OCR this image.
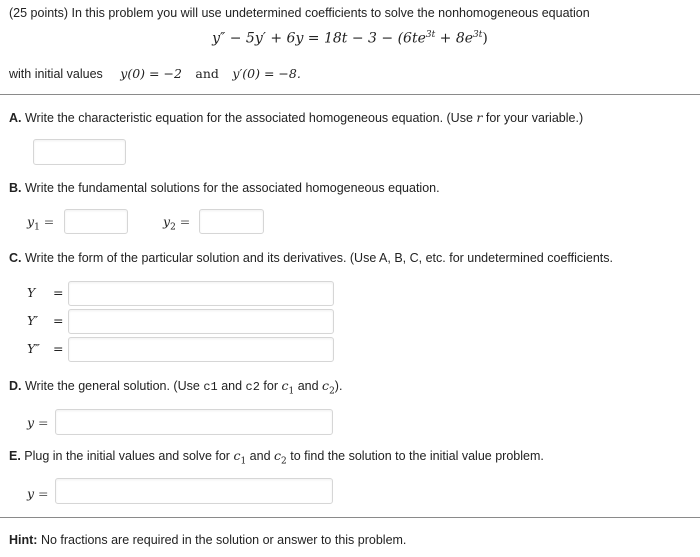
(25 points) In this problem you will use undetermined coefficients to solve the nonhomogeneous equation
$y'' - 5y' + 6y = 18t - 3 - (6te^{3t} + 8e^{3t})$
with initial values y(0) = −2 and y′(0) = −8.
A. Write the characteristic equation for the associated homogeneous equation. (Use r for your variable.)
B. Write the fundamental solutions for the associated homogeneous equation.
$y_1$ =	$y_2$ =
C. Write the form of the particular solution and its derivatives. (Use A, B, C, etc. for undetermined coefficients.
Y =
Y′ =
Y″ =
D. Write the general solution. (Use c1 and c2 for $c_1$ and $c_2$).
y =
E. Plug in the initial values and solve for $c_1$ and $c_2$ to find the solution to the initial value problem.
y =
Hint: No fractions are required in the solution or answer to this problem.
